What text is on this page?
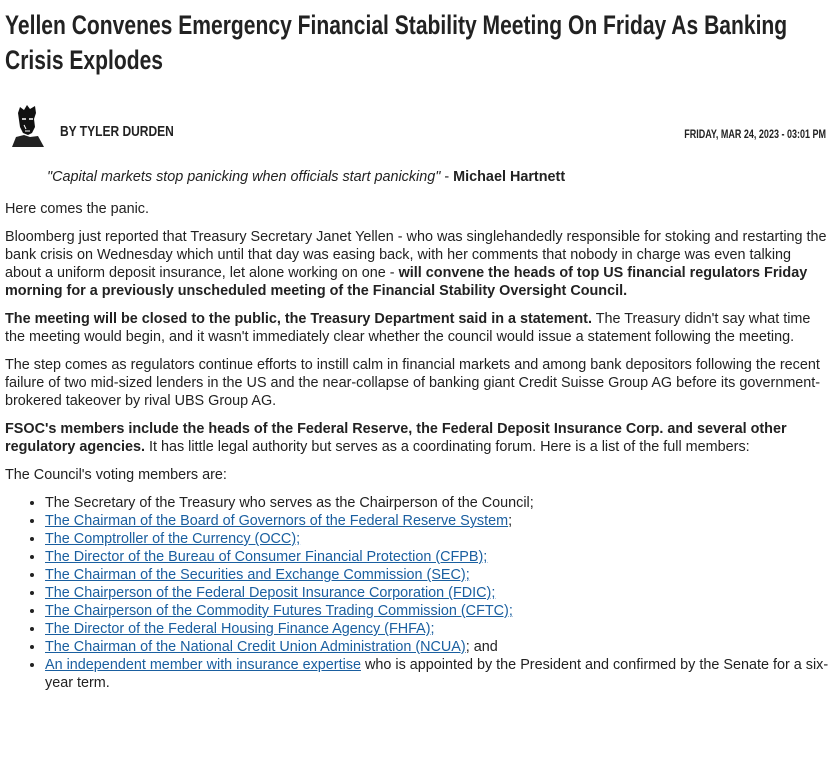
Yellen Convenes Emergency Financial Stability Meeting On Friday As Banking Crisis Explodes
BY TYLER DURDEN	FRIDAY, MAR 24, 2023 - 03:01 PM

"Capital markets stop panicking when officials start panicking" - Michael Hartnett

Here comes the panic.

Bloomberg just reported that Treasury Secretary Janet Yellen - who was singlehandedly responsible for stoking and restarting the bank crisis on Wednesday which until that day was easing back, with her comments that nobody in charge was even talking about a uniform deposit insurance, let alone working on one - will convene the heads of top US financial regulators Friday morning for a previously unscheduled meeting of the Financial Stability Oversight Council.

The meeting will be closed to the public, the Treasury Department said in a statement. The Treasury didn't say what time the meeting would begin, and it wasn't immediately clear whether the council would issue a statement following the meeting.

The step comes as regulators continue efforts to instill calm in financial markets and among bank depositors following the recent failure of two mid-sized lenders in the US and the near-collapse of banking giant Credit Suisse Group AG before its government-brokered takeover by rival UBS Group AG.

FSOC's members include the heads of the Federal Reserve, the Federal Deposit Insurance Corp. and several other regulatory agencies. It has little legal authority but serves as a coordinating forum. Here is a list of the full members:

The Council's voting members are:

• The Secretary of the Treasury who serves as the Chairperson of the Council;
• The Chairman of the Board of Governors of the Federal Reserve System;
• The Comptroller of the Currency (OCC);
• The Director of the Bureau of Consumer Financial Protection (CFPB);
• The Chairman of the Securities and Exchange Commission (SEC);
• The Chairperson of the Federal Deposit Insurance Corporation (FDIC);
• The Chairperson of the Commodity Futures Trading Commission (CFTC);
• The Director of the Federal Housing Finance Agency (FHFA);
• The Chairman of the National Credit Union Administration (NCUA); and
• An independent member with insurance expertise who is appointed by the President and confirmed by the Senate for a six-year term.
